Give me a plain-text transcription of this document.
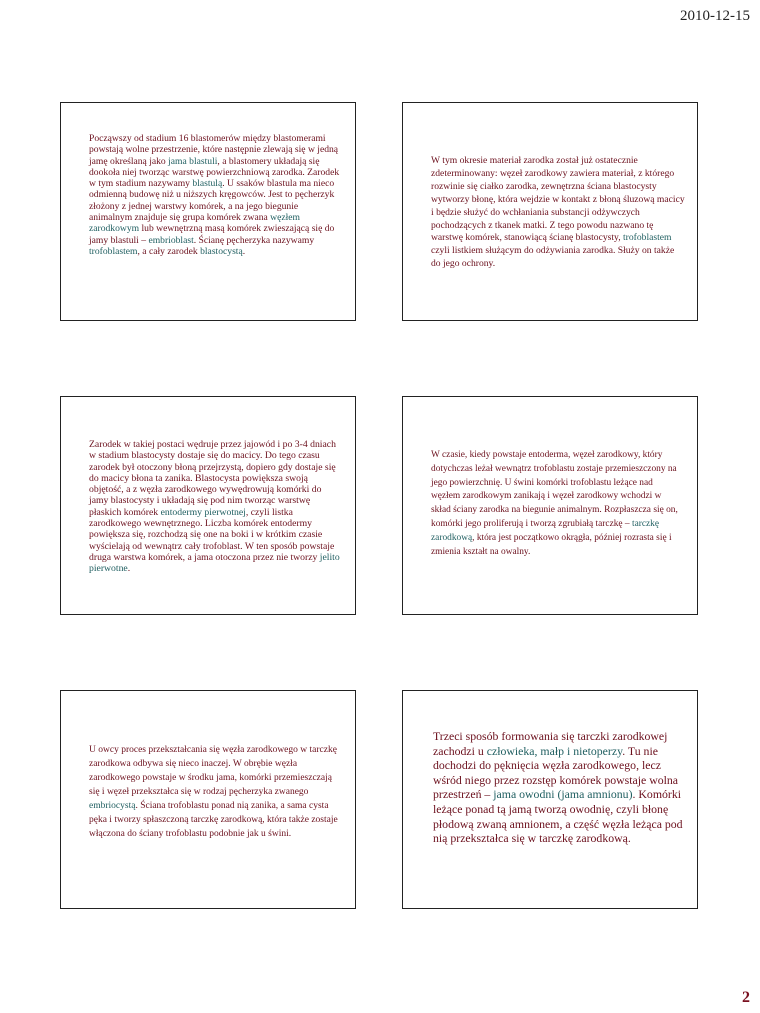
2010-12-15
Począwszy od stadium 16 blastomerów między blastomerami powstają wolne przestrzenie, które następnie zlewają się w jedną jamę określaną jako jama blastuli, a blastomery układają się dookoła niej tworząc warstwę powierzchniową zarodka. Zarodek w tym stadium nazywamy blastulą. U ssaków blastula ma nieco odmienną budowę niż u niższych kręgowców. Jest to pęcherzyk złożony z jednej warstwy komórek, a na jego biegunie animalnym znajduje się grupa komórek zwana węzłem zarodkowym lub wewnętrzną masą komórek zwieszającą się do jamy blastuli – embrioblast. Ścianę pęcherzyka nazywamy trofoblastem, a cały zarodek blastocystą.
W tym okresie materiał zarodka został już ostatecznie zdeterminowany: węzeł zarodkowy zawiera materiał, z którego rozwinie się ciałko zarodka, zewnętrzna ściana blastocysty wytworzy błonę, która wejdzie w kontakt z błoną śluzową macicy i będzie służyć do wchłaniania substancji odżywczych pochodzących z tkanek matki. Z tego powodu nazwano tę warstwę komórek, stanowiącą ścianę blastocysty, trofoblastem czyli listkiem służącym do odżywiania zarodka. Służy on także do jego ochrony.
Zarodek w takiej postaci wędruje przez jajowód i po 3-4 dniach w stadium blastocysty dostaje się do macicy. Do tego czasu zarodek był otoczony błoną przejrzystą, dopiero gdy dostaje się do macicy błona ta zanika. Blastocysta powiększa swoją objętość, a z węzła zarodkowego wywędrowują komórki do jamy blastocysty i układają się pod nim tworząc warstwę płaskich komórek entodermy pierwotnej, czyli listka zarodkowego wewnętrznego. Liczba komórek entodermy powiększa się, rozchodzą się one na boki i w krótkim czasie wyścielają od wewnątrz cały trofoblast. W ten sposób powstaje druga warstwa komórek, a jama otoczona przez nie tworzy jelito pierwotne.
W czasie, kiedy powstaje entoderma, węzeł zarodkowy, który dotychczas leżał wewnątrz trofoblastu zostaje przemieszczony na jego powierzchnię. U świni komórki trofoblastu leżące nad węzłem zarodkowym zanikają i węzeł zarodkowy wchodzi w skład ściany zarodka na biegunie animalnym. Rozpłaszcza się on, komórki jego proliferują i tworzą zgrubiałą tarczkę – tarczkę zarodkową, która jest początkowo okrągła, później rozrasta się i zmienia kształt na owalny.
U owcy proces przekształcania się węzła zarodkowego w tarczkę zarodkowa odbywa się nieco inaczej. W obrębie węzła zarodkowego powstaje w środku jama, komórki przemieszczają się i węzeł przekształca się w rodzaj pęcherzyka zwanego embriocystą. Ściana trofoblastu ponad nią zanika, a sama cysta pęka i tworzy spłaszczoną tarczkę zarodkową, która także zostaje włączona do ściany trofoblastu podobnie jak u świni.
Trzeci sposób formowania się tarczki zarodkowej zachodzi u człowieka, małp i nietoperzy. Tu nie dochodzi do pęknięcia węzła zarodkowego, lecz wśród niego przez rozstęp komórek powstaje wolna przestrzeń – jama owodni (jama amnionu). Komórki leżące ponad tą jamą tworzą owodnię, czyli błonę płodową zwaną amnionem, a część węzła leżąca pod nią przekształca się w tarczkę zarodkową.
2
